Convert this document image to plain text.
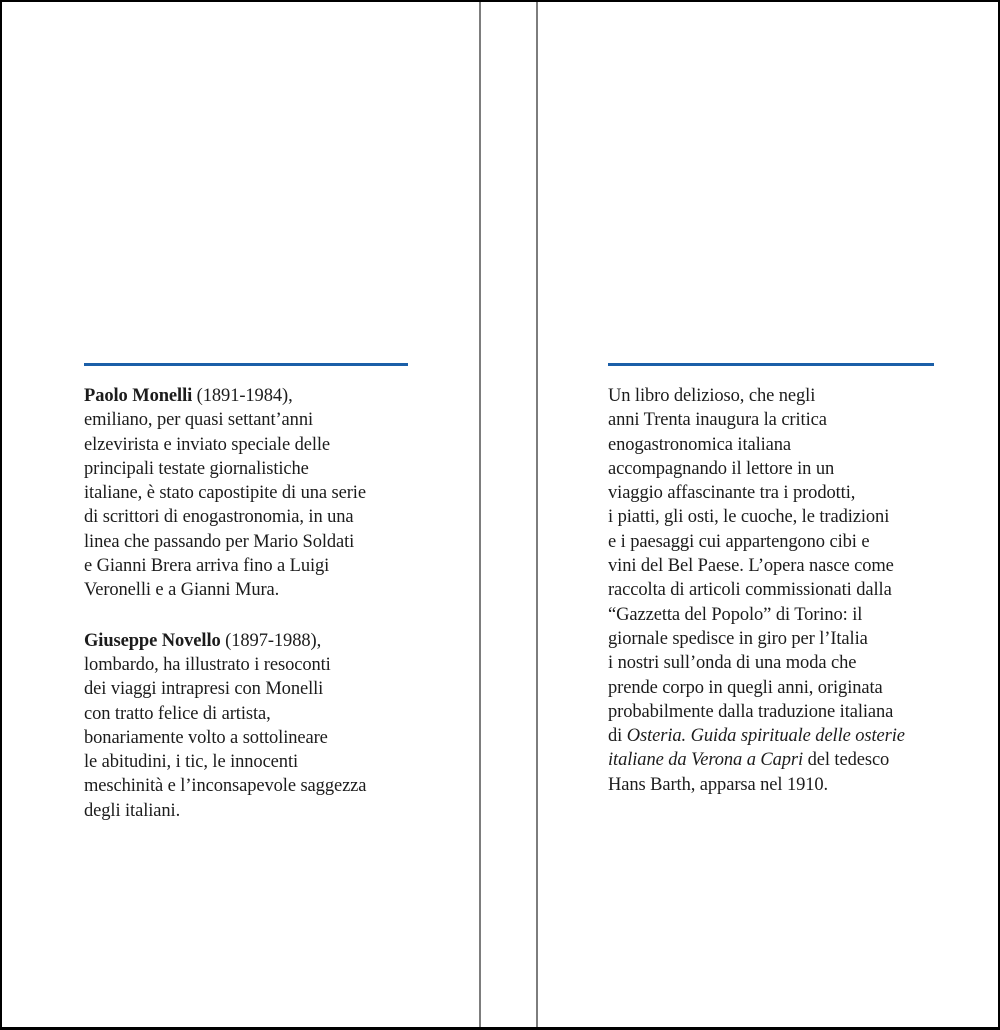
Paolo Monelli (1891-1984),
emiliano, per quasi settant’anni
elzevirista e inviato speciale delle
principali testate giornalistiche
italiane, è stato capostipite di una serie
di scrittori di enogastronomia, in una
linea che passando per Mario Soldati
e Gianni Brera arriva fino a Luigi
Veronelli e a Gianni Mura.

Giuseppe Novello (1897-1988),
lombardo, ha illustrato i resoconti
dei viaggi intrapresi con Monelli
con tratto felice di artista,
bonariamente volto a sottolineare
le abitudini, i tic, le innocenti
meschinità e l’inconsapevole saggezza
degli italiani.

Un libro delizioso, che negli
anni Trenta inaugura la critica
enogastronomica italiana
accompagnando il lettore in un
viaggio affascinante tra i prodotti,
i piatti, gli osti, le cuoche, le tradizioni
e i paesaggi cui appartengono cibi e
vini del Bel Paese. L’opera nasce come
raccolta di articoli commissionati dalla
“Gazzetta del Popolo” di Torino: il
giornale spedisce in giro per l’Italia
i nostri sull’onda di una moda che
prende corpo in quegli anni, originata
probabilmente dalla traduzione italiana
di Osteria. Guida spirituale delle osterie
italiane da Verona a Capri del tedesco
Hans Barth, apparsa nel 1910.
